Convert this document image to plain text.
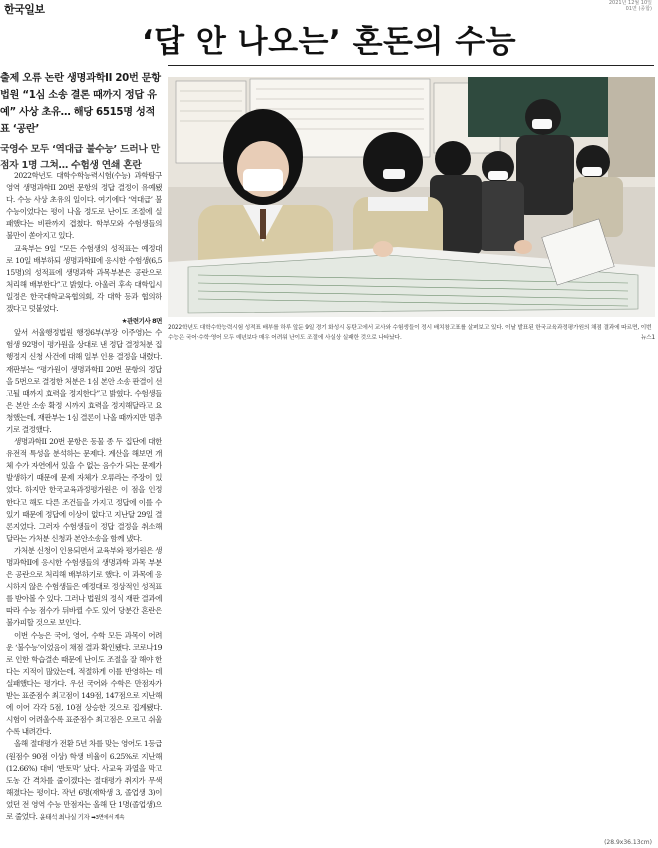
한국일보	2021년 12월 10일
01면 (종합)
‘답 안 나오는’ 혼돈의 수능
출제 오류 논란 생명과학II 20번 문항 법원 “1심 소송 결론 때까지 정답 유예” 사상 초유… 해당 6515명 성적표 ‘공란’
국영수 모두 ‘역대급 불수능’ 드러나 만점자 1명 그쳐… 수험생 연쇄 혼란

2022학년도 대학수학능력시험(수능) 과학탐구영역 생명과학II 20번 문항의 정답 결정이 유예됐다. 수능 사상 초유의 일이다. 여기에다 ‘역대급’ 불수능이었다는 평이 나올 정도로 난이도 조절에 실패했다는 비판까지 겹쳤다. 학부모와 수험생들의 불만이 쏟아지고 있다.

교육부는 9일 “모든 수험생의 성적표는 예정대로 10일 배부하되 생명과학II에 응시한 수험생(6,515명)의 성적표에 생명과학 과목부분은 공란으로 처리해 배부한다”고 밝혔다. 아울러 후속 대학입시 일정은 한국대학교육협의회, 각 대학 등과 협의하겠다고 덧붙였다.

★관련기사 8면

앞서 서울행정법원 행정6부(부장 이주영)는 수험생 92명이 평가원을 상대로 낸 정답 결정처분 집행정지 신청 사건에 대해 일부 인용 결정을 내렸다. 재판부는 “평가원이 생명과학II 20번 문항의 정답을 5번으로 결정한 처분은 1심 본안 소송 판결이 선고될 때까지 효력을 정지한다”고 밝혔다. 수험생들은 본안 소송 확정 시까지 효력을 정지해달라고 요청했는데, 재판부는 1심 결론이 나올 때까지만 멈추기로 결정했다.

생명과학II 20번 문항은 동물 종 두 집단에 대한 유전적 특성을 분석하는 문제다. 계산을 해보면 개체 수가 자연에서 있을 수 없는 음수가 되는 문제가 발생하기 때문에 문제 자체가 오류라는 주장이 있었다. 하지만 한국교육과정평가원은 이 점을 인정한다고 해도 다른 조건들을 가지고 정답에 이를 수 있기 때문에 정답에 이상이 없다고 지난달 29일 결론지었다. 그러자 수험생들이 정답 결정을 취소해달라는 가처분 신청과 본안소송을 함께 냈다.

가처분 신청이 인용되면서 교육부와 평가원은 생명과학II에 응시한 수험생들의 생명과학 과목 부분은 공란으로 처리해 배부하기로 했다. 이 과목에 응시하지 않은 수험생들은 예정대로 정상적인 성적표를 받아볼 수 있다. 그러나 법원의 정식 재판 결과에 따라 수능 점수가 뒤바뀔 수도 있어 당분간 혼란은 불가피할 것으로 보인다.

이번 수능은 국어, 영어, 수학 모든 과목이 어려운 ‘불수능’이었음이 채점 결과 확인됐다. 코로나19로 인한 학습결손 때문에 난이도 조절을 잘 해야 한다는 지적이 많았는데, 적절하게 이를 반영하는 데 실패했다는 평가다. 우선 국어와 수학은 만점자가 받는 표준점수 최고점이 149점, 147점으로 지난해에 이어 각각 5점, 10점 상승한 것으로 집계됐다. 시험이 어려울수록 표준점수 최고점은 오르고 쉬울수록 내려간다.

올해 절대평가 전환 5년 차를 맞는 영어도 1등급(원점수 90점 이상) 학생 비율이 6.25%로 지난해(12.66%) 대비 ‘반토막’ 났다. 사교육 과열을 막고 도농 간 격차를 줄이겠다는 절대평가 취지가 무색해졌다는 평이다. 작년 6명(재학생 3, 졸업생 3)이었던 전 영역 수능 만점자는 올해 단 1명(졸업생)으로 줄었다. 윤태석 최나실 기자 ➡3면에서 계속

2022학년도 대학수학능력시험 성적표 배부를 하루 앞둔 9일 경기 화성시 동탄고에서 교사와 수험생들이 정시 배치참고표를 살펴보고 있다. 이날 발표된 한국교육과정평가원의 채점 결과에 따르면, 이번 수능은 국어·수학·영어 모두 예년보다 매우 어려워 난이도 조절에 사실상 실패한 것으로 나타났다.	뉴스1
(28.9x36.13cm)
